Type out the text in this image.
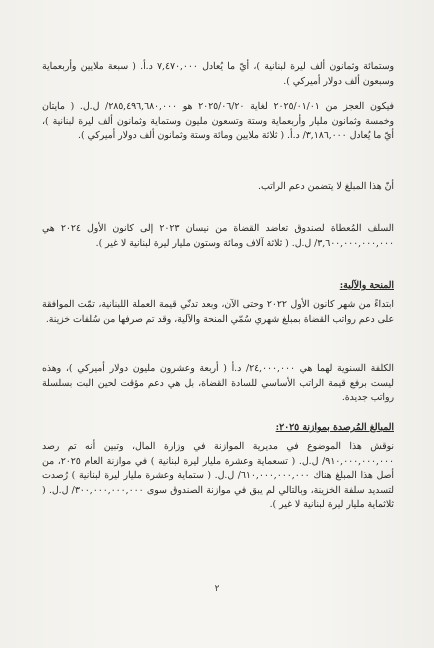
وستمائة وثمانون ألف ليرة لبنانية )، أيّ ما يُعادل ٧,٤٧٠,٠٠٠ د.أ. ( سبعة ملايين وأربعماية وسبعون ألف دولار أميركي ).
فيكون العجز من ٢٠٢٥/٠١/٠١ لغاية ٢٠٢٥/٠٦/٢٠ هو ٢٨٥,٤٩٦,٦٨٠,٠٠٠/ ل.ل. ( مايتان وخمسة وثمانون مليار وأربعماية وستة وتسعون مليون وستماية وثمانون ألف ليرة لبنانية )، أيّ ما يُعادل ٣,١٨٦,٠٠٠/ د.أ. ( ثلاثة ملايين ومائة وستة وثمانون ألف دولار أميركي ).
أنّ هذا المبلغ لا يتضمن دعم الراتب.
السلف المُعطاة لصندوق تعاضد القضاة من نيسان ٢٠٢٣ إلى كانون الأول ٢٠٢٤ هي ٣,٦٠٠,٠٠٠,٠٠٠,٠٠٠/ ل.ل. ( ثلاثة آلاف ومائة وستون مليار ليرة لبنانية لا غير ).
المنحة والآلية:
ابتداءً من شهر كانون الأول ٢٠٢٢ وحتى الآن، وبعد تدنّي قيمة العملة اللبنانية، تمّت الموافقة على دعم رواتب القضاة بمبلغ شهري سُمّي المنحة والآلية، وقد تم صرفها من سُلفات خزينة.
الكلفة السنوية لهما هي ٢٤,٠٠٠,٠٠٠/ د.أ ( أربعة وعشرون مليون دولار أميركي )، وهذه ليست برفع قيمة الراتب الأساسي للسادة القضاة، بل هي دعم مؤقت لحين البت بسلسلة رواتب جديدة.
المبالغ المُرصدة بموازنة ٢٠٢٥:
نوقش هذا الموضوع في مديرية الموازنة في وزارة المال، وتبين أنه تم رصد ٩١٠,٠٠٠,٠٠٠,٠٠٠/ ل.ل. ( تسعماية وعشرة مليار ليرة لبنانية ) في موازنة العام ٢٠٢٥، من أصل هذا المبلغ هناك ٦١٠,٠٠٠,٠٠٠,٠٠٠/ ل.ل. ( ستماية وعشرة مليار ليرة لبنانية ) رُصدت لتسديد سلفة الخزينة، وبالتالي لم يبق في موازنة الصندوق سوى ٣٠٠,٠٠٠,٠٠٠,٠٠٠/ ل.ل. ( ثلاثماية مليار ليرة لبنانية لا غير ).
٢
